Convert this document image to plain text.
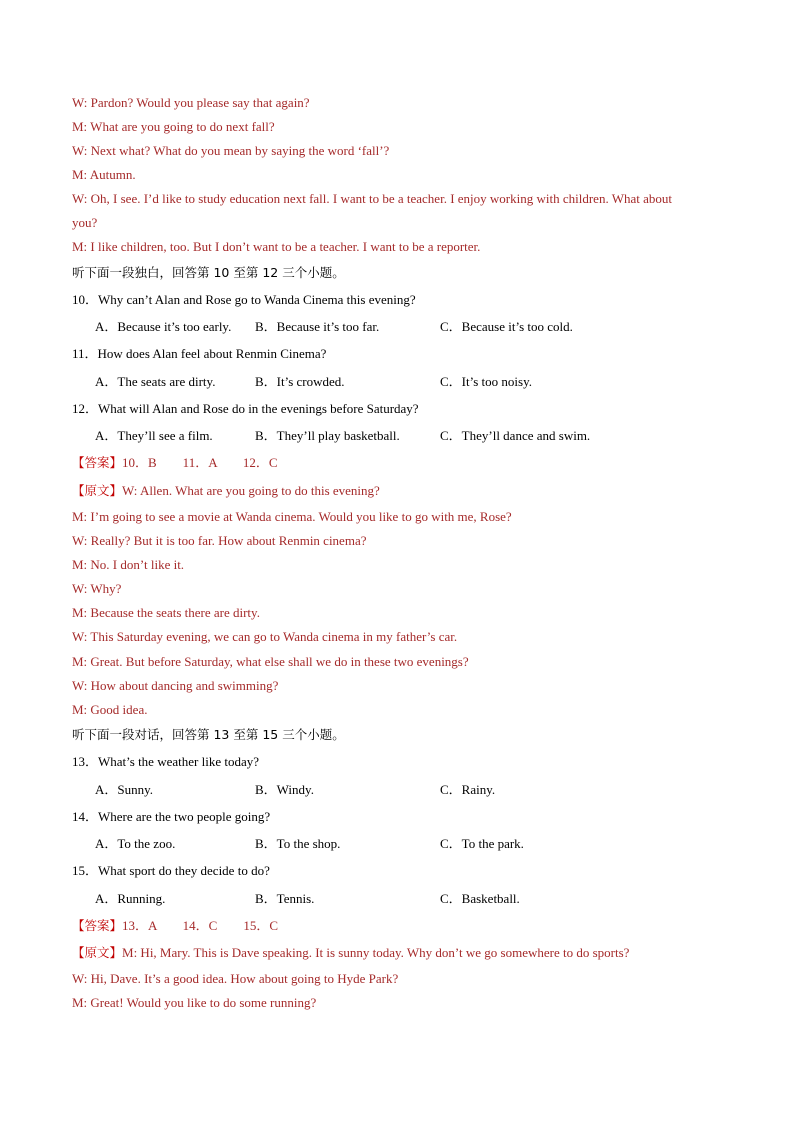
W: Pardon? Would you please say that again?
M: What are you going to do next fall?
W: Next what? What do you mean by saying the word ‘fall’?
M: Autumn.
W: Oh, I see. I’d like to study education next fall. I want to be a teacher. I enjoy working with children. What about
you?
M: I like children, too. But I don’t want to be a teacher. I want to be a reporter.
听下面一段独白，回答第 10 至第 12 三个小题。
10．Why can’t Alan and Rose go to Wanda Cinema this evening?
A．Because it’s too early. B．Because it’s too far.	C．Because it’s too cold.
11．How does Alan feel about Renmin Cinema?
A．The seats are dirty.	B．It’s crowded.	C．It’s too noisy.
12．What will Alan and Rose do in the evenings before Saturday?
A．They’ll see a film.	B．They’ll play basketball.	C．They’ll dance and swim.
【答案】10．B　　11．A　　12．C
【原文】W: Allen. What are you going to do this evening?
M: I’m going to see a movie at Wanda cinema. Would you like to go with me, Rose?
W: Really? But it is too far. How about Renmin cinema?
M: No. I don’t like it.
W: Why?
M: Because the seats there are dirty.
W: This Saturday evening, we can go to Wanda cinema in my father’s car.
M: Great. But before Saturday, what else shall we do in these two evenings?
W: How about dancing and swimming?
M: Good idea.
听下面一段对话，回答第 13 至第 15 三个小题。
13．What’s the weather like today?
A．Sunny.	B．Windy.	C．Rainy.
14．Where are the two people going?
A．To the zoo.	B．To the shop.	C．To the park.
15．What sport do they decide to do?
A．Running.	B．Tennis.	C．Basketball.
【答案】13．A　　14．C　　15．C
【原文】M: Hi, Mary. This is Dave speaking. It is sunny today. Why don’t we go somewhere to do sports?
W: Hi, Dave. It’s a good idea. How about going to Hyde Park?
M: Great! Would you like to do some running?
